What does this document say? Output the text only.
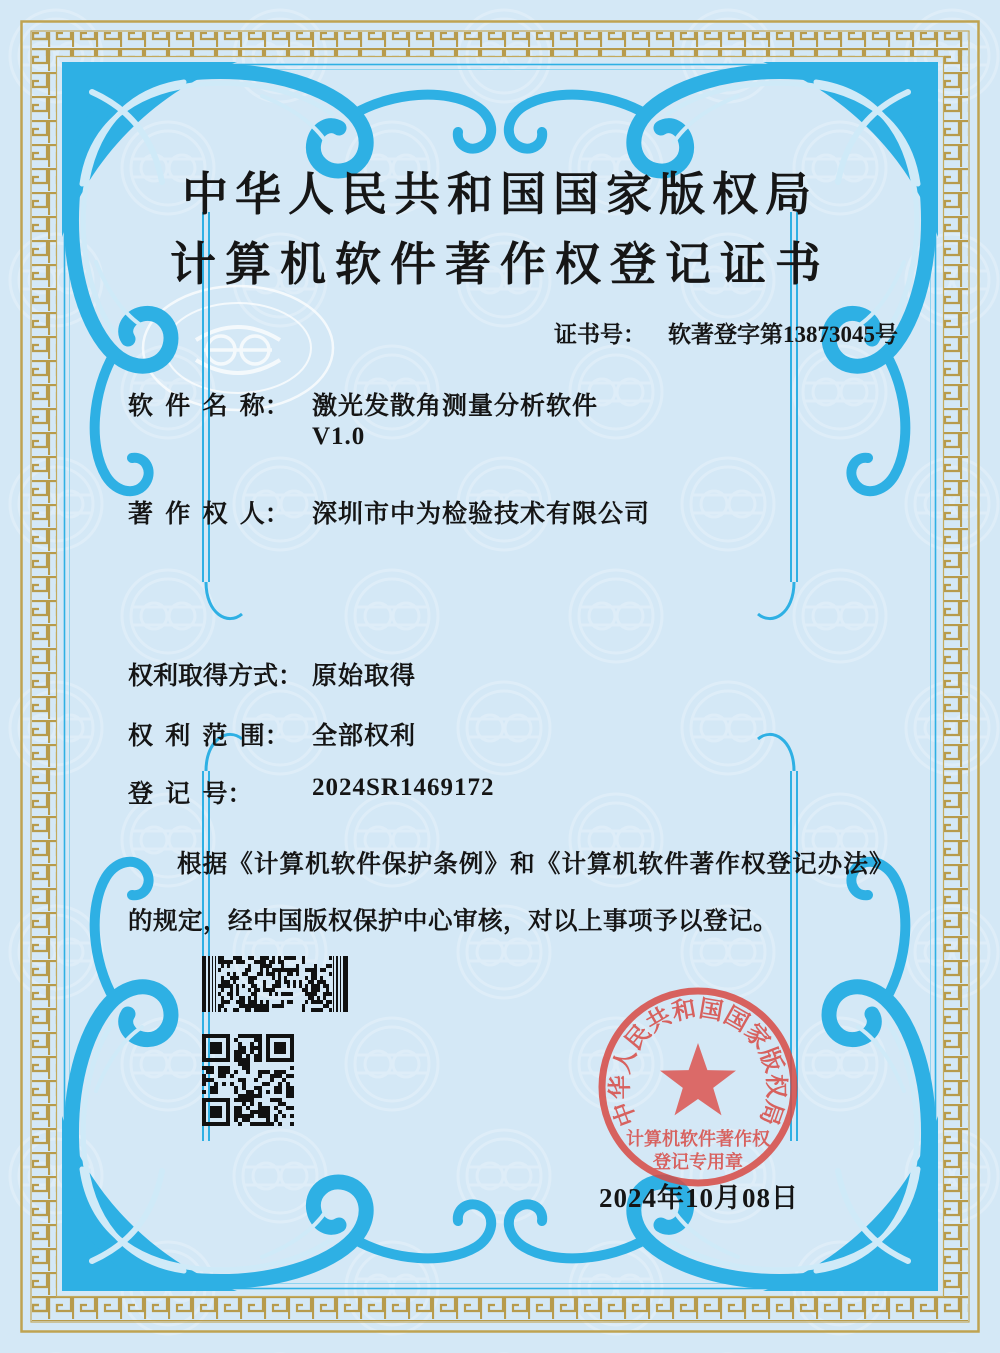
中华人民共和国国家版权局
计算机软件著作权登记证书
证书号： 软著登字第13873045号
软 件 名 称： 激光发散角测量分析软件
V1.0
著 作 权 人： 深圳市中为检验技术有限公司
权利取得方式： 原始取得
权 利 范 围： 全部权利
登 记 号： 2024SR1469172
根据《计算机软件保护条例》和《计算机软件著作权登记办法》的规定，经中国版权保护中心审核，对以上事项予以登记。
中华人民共和国国家版权局
计算机软件著作权
登记专用章
2024年10月08日
